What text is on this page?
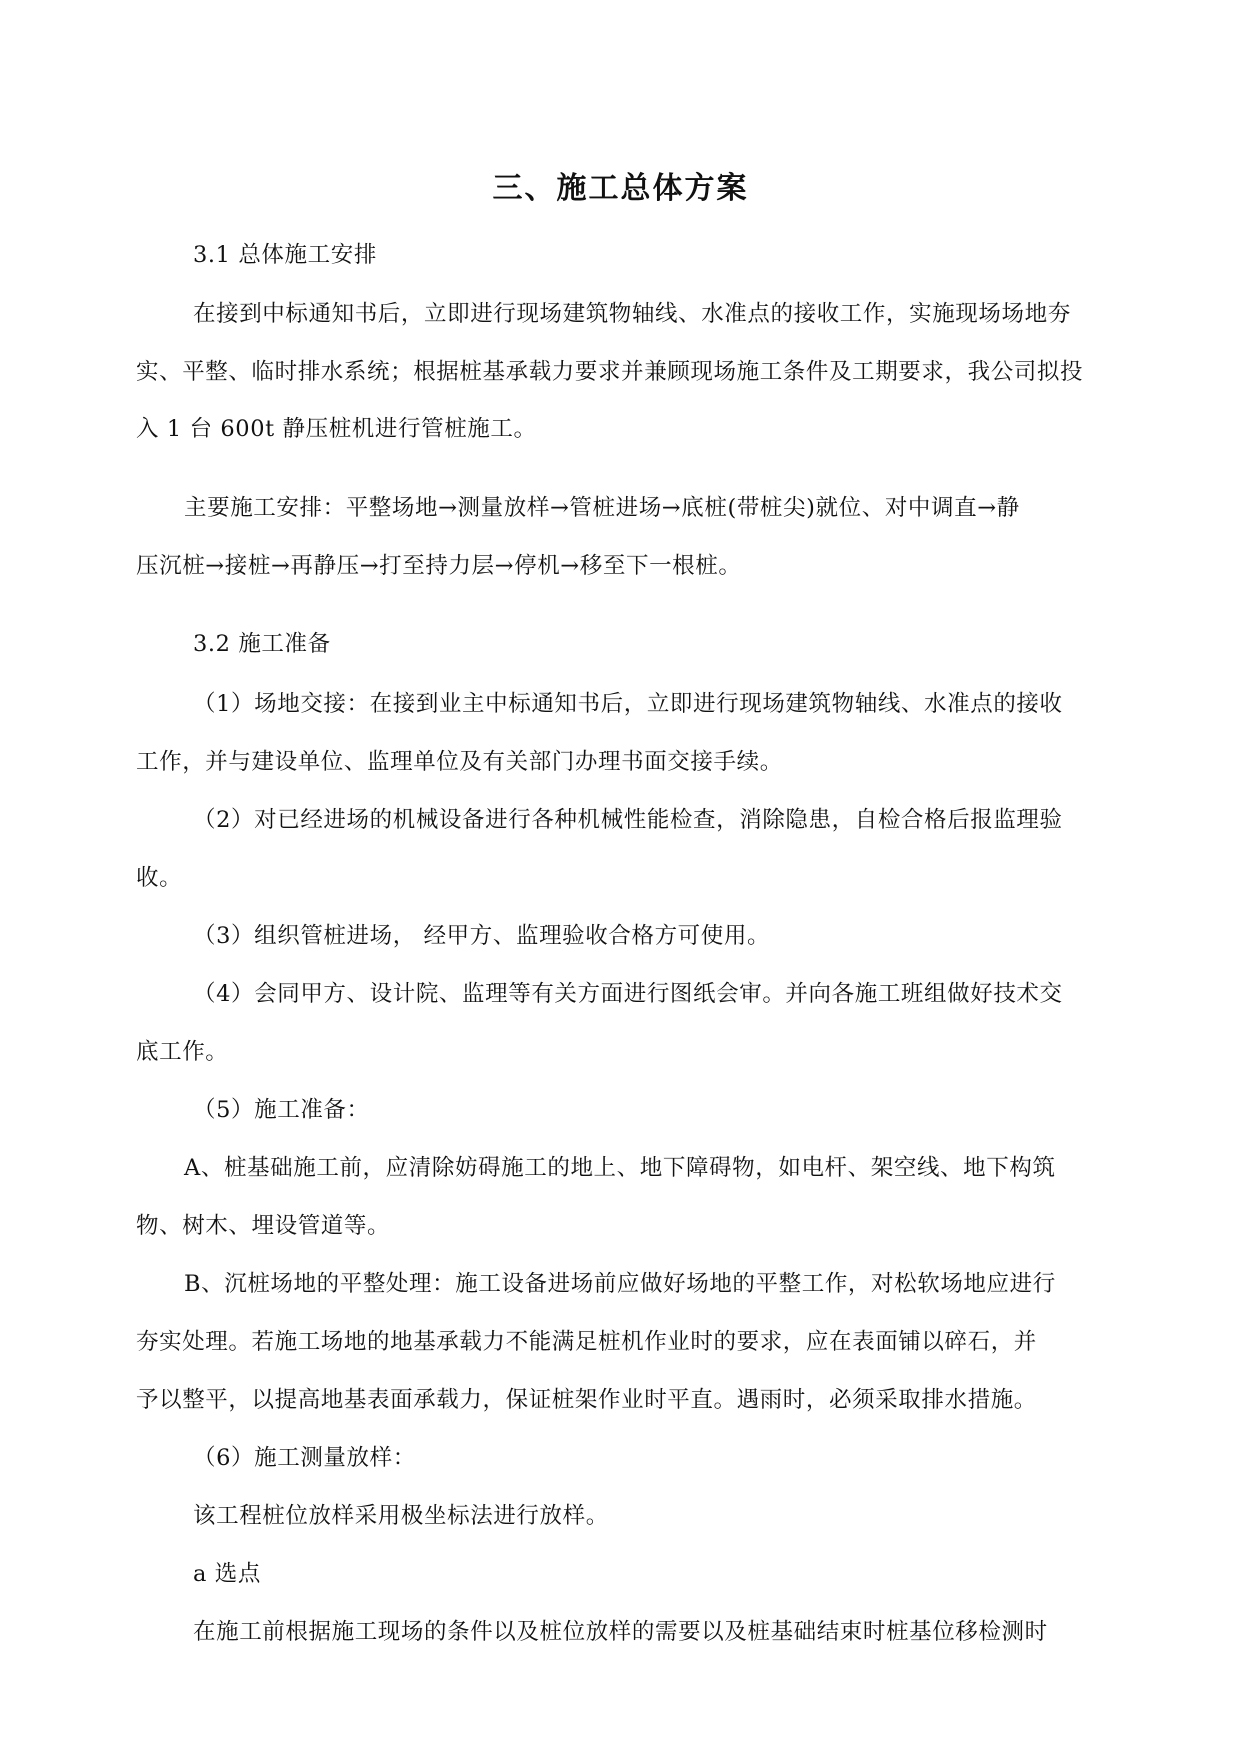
三、施工总体方案
3.1 总体施工安排
在接到中标通知书后，立即进行现场建筑物轴线、水准点的接收工作，实施现场场地夯
实、平整、临时排水系统；根据桩基承载力要求并兼顾现场施工条件及工期要求，我公司拟投
入 1 台 600t 静压桩机进行管桩施工。
主要施工安排：平整场地→测量放样→管桩进场→底桩(带桩尖)就位、对中调直→静
压沉桩→接桩→再静压→打至持力层→停机→移至下一根桩。
3.2 施工准备
（1）场地交接：在接到业主中标通知书后，立即进行现场建筑物轴线、水准点的接收
工作，并与建设单位、监理单位及有关部门办理书面交接手续。
（2）对已经进场的机械设备进行各种机械性能检查，消除隐患，自检合格后报监理验
收。
（3）组织管桩进场， 经甲方、监理验收合格方可使用。
（4）会同甲方、设计院、监理等有关方面进行图纸会审。并向各施工班组做好技术交
底工作。
（5）施工准备：
A、桩基础施工前，应清除妨碍施工的地上、地下障碍物，如电杆、架空线、地下构筑
物、树木、埋设管道等。
B、沉桩场地的平整处理：施工设备进场前应做好场地的平整工作，对松软场地应进行
夯实处理。若施工场地的地基承载力不能满足桩机作业时的要求，应在表面铺以碎石，并
予以整平，以提高地基表面承载力，保证桩架作业时平直。遇雨时，必须采取排水措施。
（6）施工测量放样：
该工程桩位放样采用极坐标法进行放样。
a 选点
在施工前根据施工现场的条件以及桩位放样的需要以及桩基础结束时桩基位移检测时
